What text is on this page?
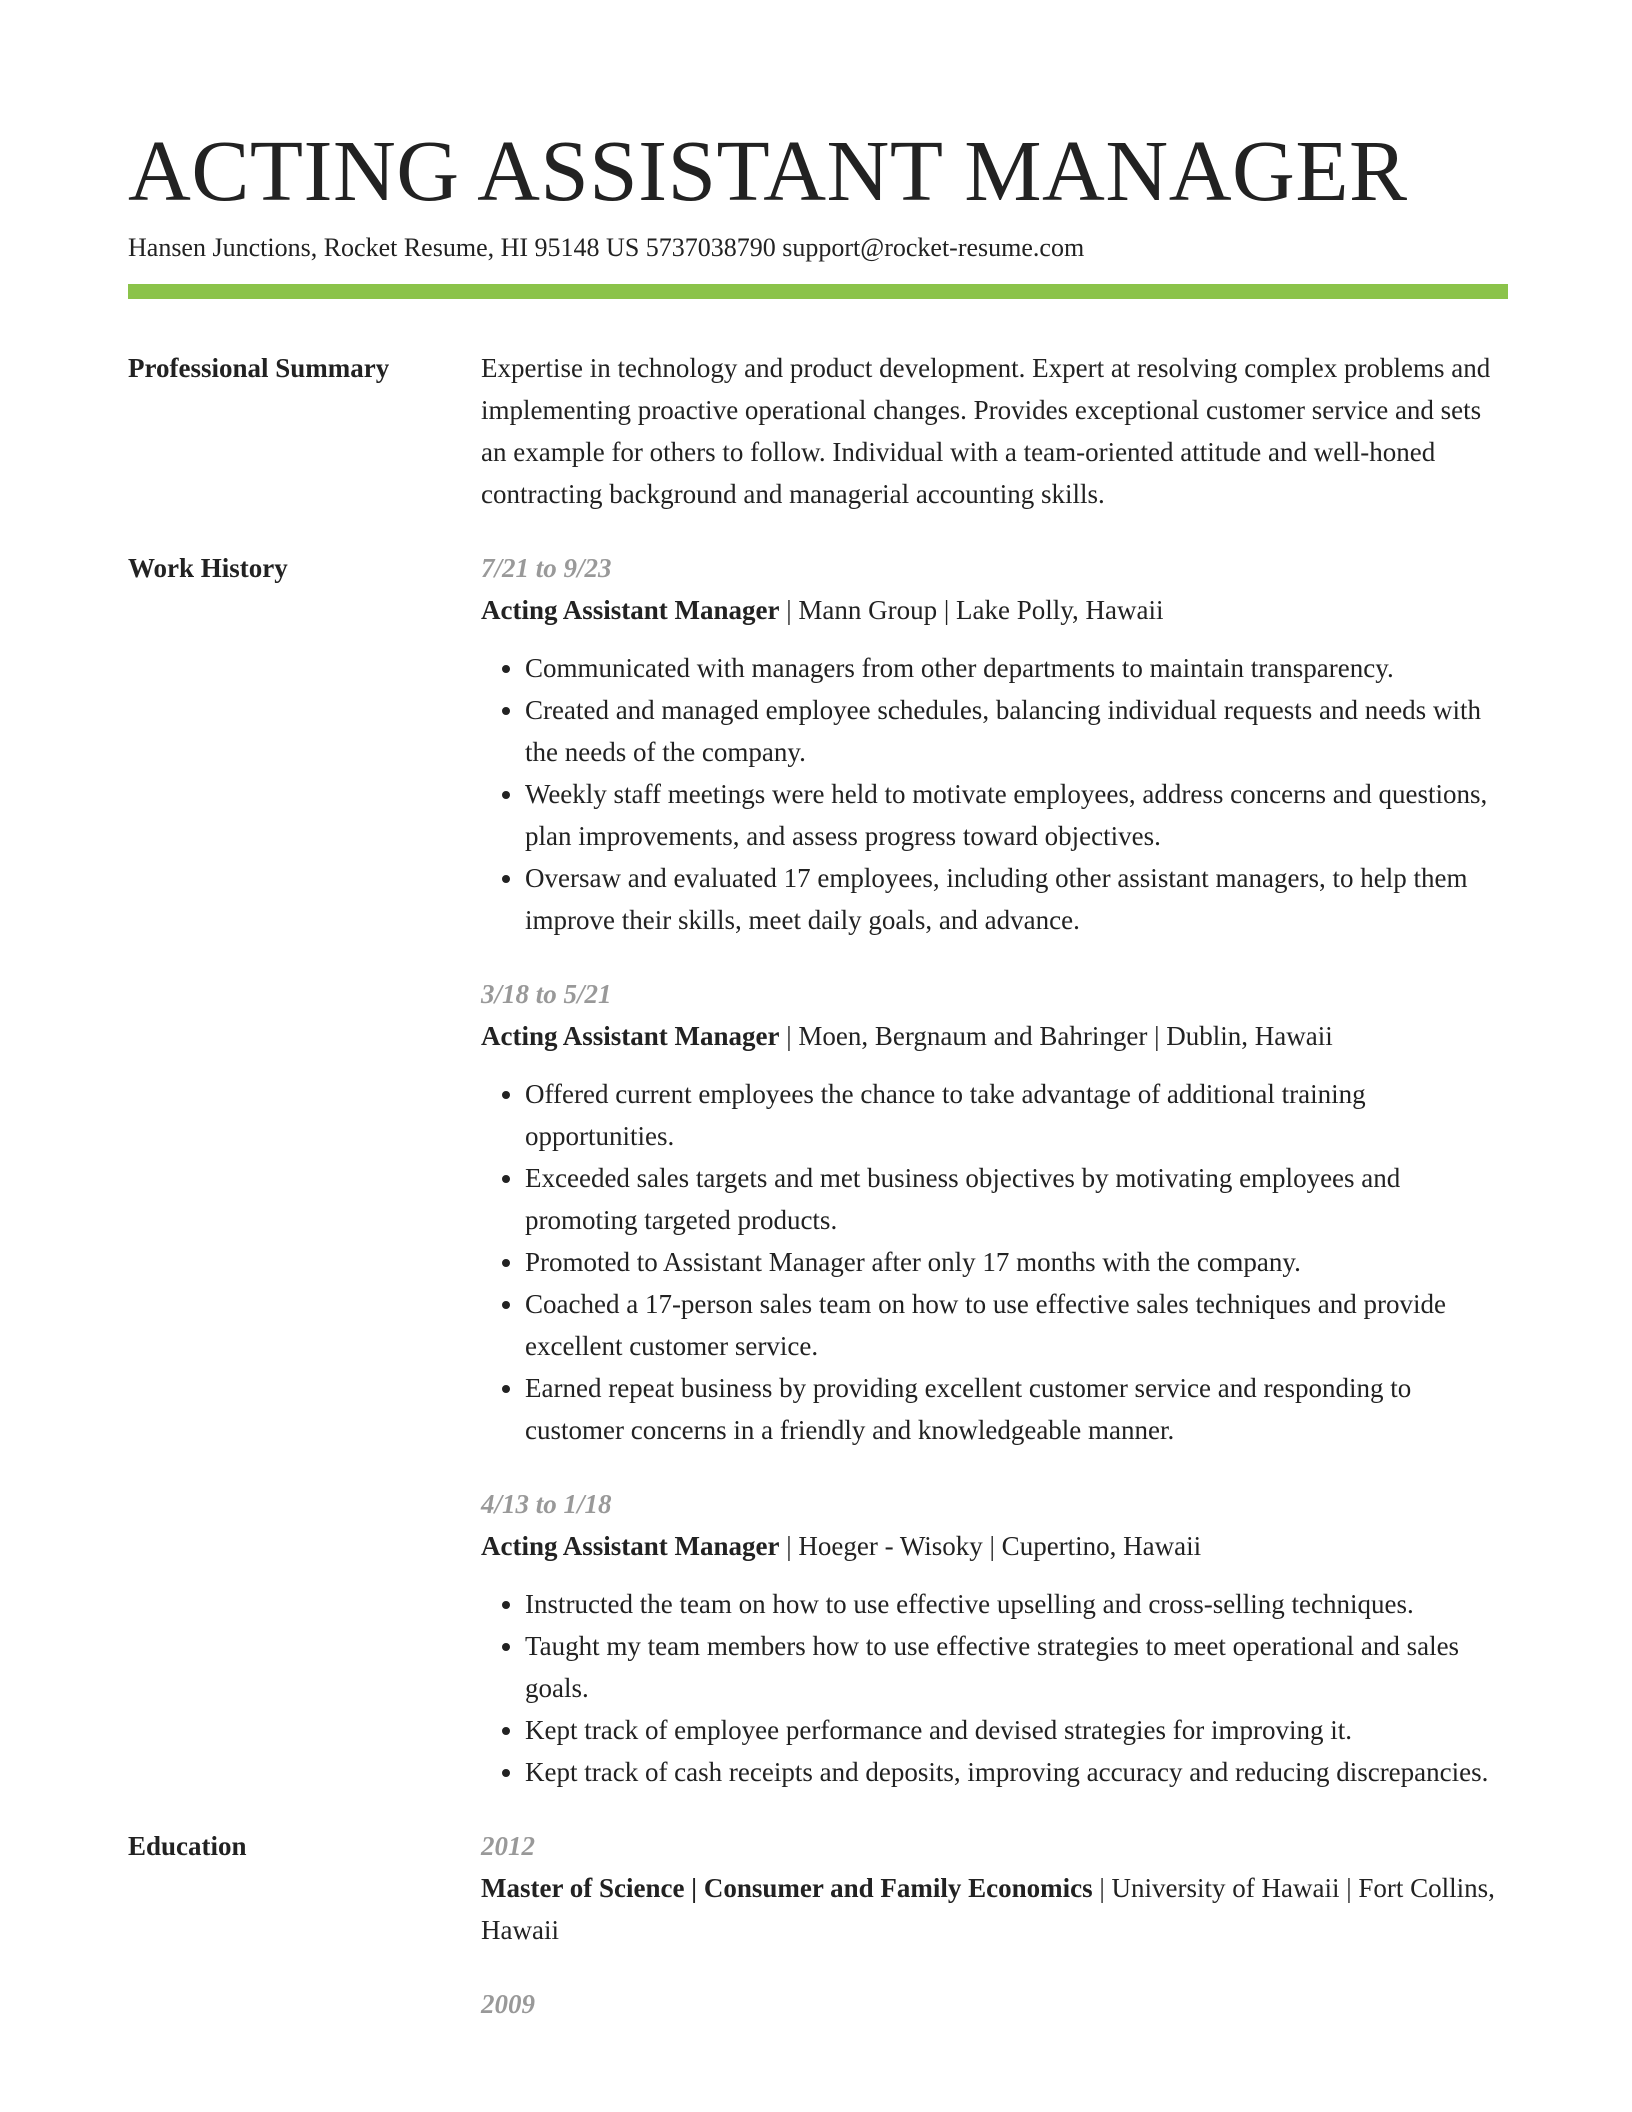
ACTING ASSISTANT MANAGER
Hansen Junctions, Rocket Resume, HI 95148 US 5737038790 support@rocket-resume.com
Professional Summary	Expertise in technology and product development. Expert at resolving complex problems and implementing proactive operational changes. Provides exceptional customer service and sets an example for others to follow. Individual with a team-oriented attitude and well-honed contracting background and managerial accounting skills.

Work History	7/21 to 9/23
Acting Assistant Manager | Mann Group | Lake Polly, Hawaii
• Communicated with managers from other departments to maintain transparency.
• Created and managed employee schedules, balancing individual requests and needs with the needs of the company.
• Weekly staff meetings were held to motivate employees, address concerns and questions, plan improvements, and assess progress toward objectives.
• Oversaw and evaluated 17 employees, including other assistant managers, to help them improve their skills, meet daily goals, and advance.
3/18 to 5/21
Acting Assistant Manager | Moen, Bergnaum and Bahringer | Dublin, Hawaii
• Offered current employees the chance to take advantage of additional training opportunities.
• Exceeded sales targets and met business objectives by motivating employees and promoting targeted products.
• Promoted to Assistant Manager after only 17 months with the company.
• Coached a 17-person sales team on how to use effective sales techniques and provide excellent customer service.
• Earned repeat business by providing excellent customer service and responding to customer concerns in a friendly and knowledgeable manner.
4/13 to 1/18
Acting Assistant Manager | Hoeger - Wisoky | Cupertino, Hawaii
• Instructed the team on how to use effective upselling and cross-selling techniques.
• Taught my team members how to use effective strategies to meet operational and sales goals.
• Kept track of employee performance and devised strategies for improving it.
• Kept track of cash receipts and deposits, improving accuracy and reducing discrepancies.
Education	2012
Master of Science | Consumer and Family Economics | University of Hawaii | Fort Collins, Hawaii
2009
